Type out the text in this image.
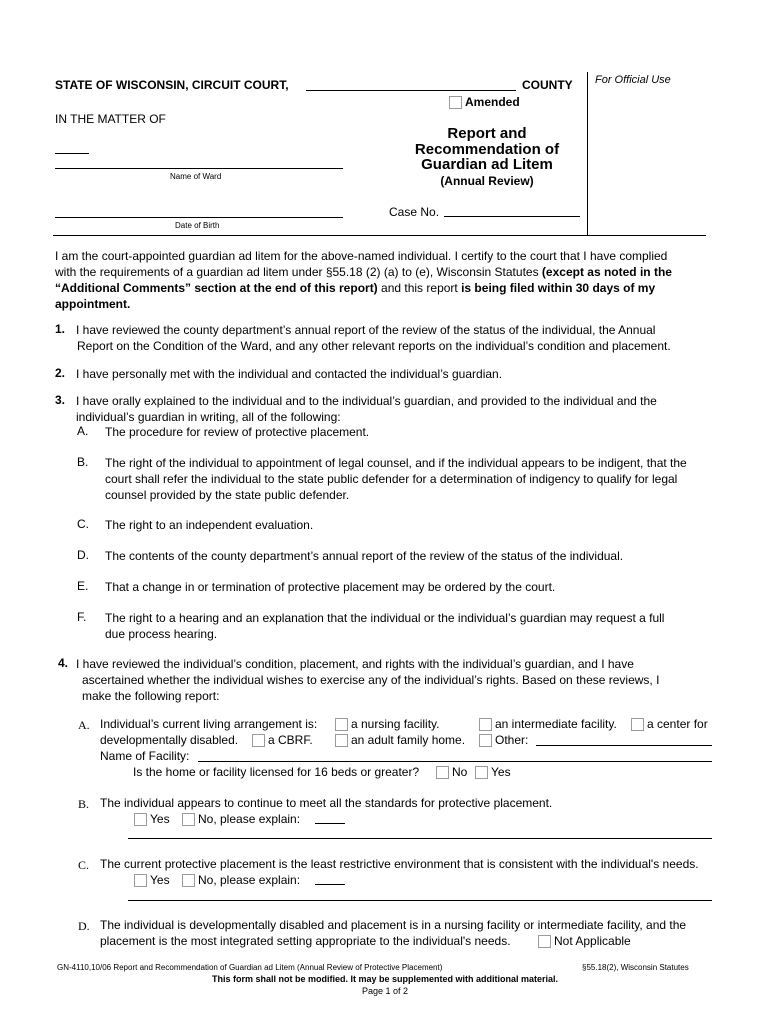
STATE OF WISCONSIN, CIRCUIT COURT,	COUNTY For Official Use
Amended
IN THE MATTER OF
Name of Ward
Date of Birth
Report and
Recommendation of
Guardian ad Litem
(Annual Review)
Case No.
I am the court-appointed guardian ad litem for the above-named individual. I certify to the court that I have complied
with the requirements of a guardian ad litem under §55.18 (2) (a) to (e), Wisconsin Statutes (except as noted in the
“Additional Comments” section at the end of this report) and this report is being filed within 30 days of my
appointment.
1. I have reviewed the county department’s annual report of the review of the status of the individual, the Annual
Report on the Condition of the Ward, and any other relevant reports on the individual’s condition and placement.
2. I have personally met with the individual and contacted the individual’s guardian.
3. I have orally explained to the individual and to the individual’s guardian, and provided to the individual and the
individual’s guardian in writing, all of the following:
A. The procedure for review of protective placement.
B. The right of the individual to appointment of legal counsel, and if the individual appears to be indigent, that the
court shall refer the individual to the state public defender for a determination of indigency to qualify for legal
counsel provided by the state public defender.
C. The right to an independent evaluation.
D. The contents of the county department’s annual report of the review of the status of the individual.
E. That a change in or termination of protective placement may be ordered by the court.
F. The right to a hearing and an explanation that the individual or the individual’s guardian may request a full
due process hearing.
4. I have reviewed the individual’s condition, placement, and rights with the individual’s guardian, and I have
ascertained whether the individual wishes to exercise any of the individual’s rights. Based on these reviews, I
make the following report:
A. Individual’s current living arrangement is:	a nursing facility.	an intermediate facility.	a center for
developmentally disabled.	a CBRF.	an adult family home.	Other:
Name of Facility:
Is the home or facility licensed for 16 beds or greater?	No	Yes
B. The individual appears to continue to meet all the standards for protective placement.
Yes	No, please explain:
C. The current protective placement is the least restrictive environment that is consistent with the individual's needs.
Yes	No, please explain:
D. The individual is developmentally disabled and placement is in a nursing facility or intermediate facility, and the
placement is the most integrated setting appropriate to the individual's needs.	Not Applicable
GN-4110,10/06 Report and Recommendation of Guardian ad Litem (Annual Review of Protective Placement)	§55.18(2), Wisconsin Statutes
This form shall not be modified. It may be supplemented with additional material.
Page 1 of 2
